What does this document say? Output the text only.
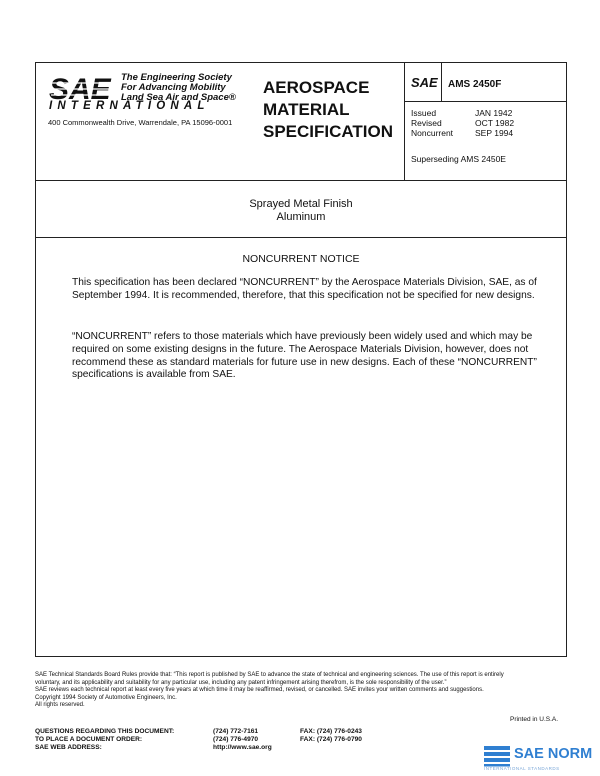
SAE The Engineering Society
For Advancing Mobility
Land Sea Air and Space®
INTERNATIONAL
400 Commonwealth Drive, Warrendale, PA 15096-0001
AEROSPACE
MATERIAL
SPECIFICATION
SAE AMS 2450F
Issued	JAN 1942
Revised	OCT 1982
Noncurrent	SEP 1994
Superseding AMS 2450E
Sprayed Metal Finish
Aluminum
NONCURRENT NOTICE
This specification has been declared “NONCURRENT” by the Aerospace Materials Division, SAE, as of September 1994. It is recommended, therefore, that this specification not be specified for new designs.
“NONCURRENT” refers to those materials which have previously been widely used and which may be required on some existing designs in the future. The Aerospace Materials Division, however, does not recommend these as standard materials for future use in new designs. Each of these “NONCURRENT” specifications is available from SAE.
SAE Technical Standards Board Rules provide that: “This report is published by SAE to advance the state of technical and engineering sciences. The use of this report is entirely
voluntary, and its applicability and suitability for any particular use, including any patent infringement arising therefrom, is the sole responsibility of the user.”
SAE reviews each technical report at least every five years at which time it may be reaffirmed, revised, or cancelled. SAE invites your written comments and suggestions.
Copyright 1994 Society of Automotive Engineers, Inc.
All rights reserved.
Printed in U.S.A.
QUESTIONS REGARDING THIS DOCUMENT:	(724) 772-7161	FAX: (724) 776-0243
TO PLACE A DOCUMENT ORDER:	(724) 776-4970	FAX: (724) 776-0790
SAE WEB ADDRESS:	http://www.sae.org	SAE NORM
INTERNATIONAL STANDARDS
